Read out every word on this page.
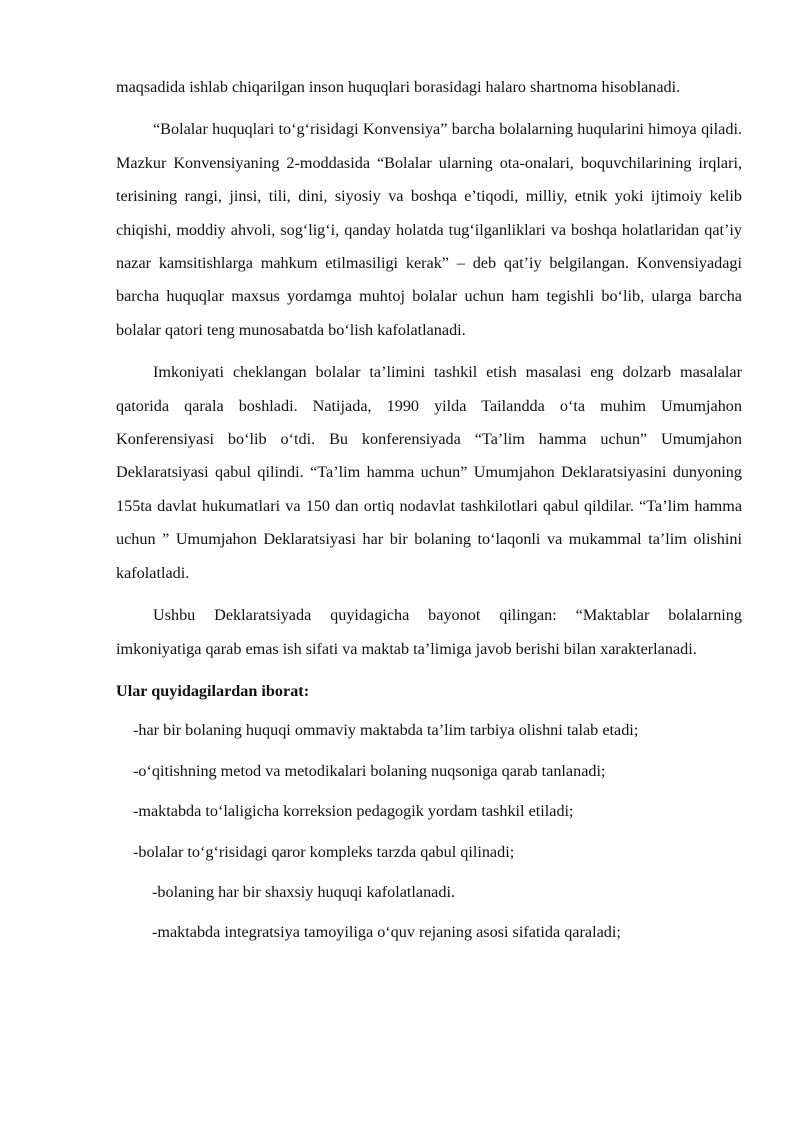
maqsadida ishlab chiqarilgan inson huquqlari borasidagi halaro shartnoma hisoblanadi.

“Bolalar huquqlari to‘g‘risidagi Konvensiya” barcha bolalarning huqularini himoya qiladi. Mazkur Konvensiyaning 2-moddasida “Bolalar ularning ota-onalari, boquvchilarining irqlari, terisining rangi, jinsi, tili, dini, siyosiy va boshqa e’tiqodi, milliy, etnik yoki ijtimoiy kelib chiqishi, moddiy ahvoli, sog‘lig‘i, qanday holatda tug‘ilganliklari va boshqa holatlaridan qat’iy nazar kamsitishlarga mahkum etilmasiligi kerak” – deb qat’iy belgilangan. Konvensiyadagi barcha huquqlar maxsus yordamga muhtoj bolalar uchun ham tegishli bo‘lib, ularga barcha bolalar qatori teng munosabatda bo‘lish kafolatlanadi.

Imkoniyati cheklangan bolalar ta’limini tashkil etish masalasi eng dolzarb masalalar qatorida qarala boshladi. Natijada, 1990 yilda Tailandda o‘ta muhim Umumjahon Konferensiyasi bo‘lib o‘tdi. Bu konferensiyada “Ta’lim hamma uchun” Umumjahon Deklaratsiyasi qabul qilindi. “Ta’lim hamma uchun” Umumjahon Deklaratsiyasini dunyoning 155ta davlat hukumatlari va 150 dan ortiq nodavlat tashkilotlari qabul qildilar. “Ta’lim hamma uchun ” Umumjahon Deklaratsiyasi har bir bolaning to‘laqonli va mukammal ta’lim olishini kafolatladi.

Ushbu Deklaratsiyada quyidagicha bayonot qilingan: “Maktablar bolalarning imkoniyatiga qarab emas ish sifati va maktab ta’limiga javob berishi bilan xarakterlanadi.

Ular quyidagilardan iborat:

-har bir bolaning huquqi ommaviy maktabda ta’lim tarbiya olishni talab etadi;
-o‘qitishning metod va metodikalari bolaning nuqsoniga qarab tanlanadi;
-maktabda to‘laligicha korreksion pedagogik yordam tashkil etiladi;
-bolalar to‘g‘risidagi qaror kompleks tarzda qabul qilinadi;
-bolaning har bir shaxsiy huquqi kafolatlanadi.
-maktabda integratsiya tamoyiliga o‘quv rejaning asosi sifatida qaraladi;
